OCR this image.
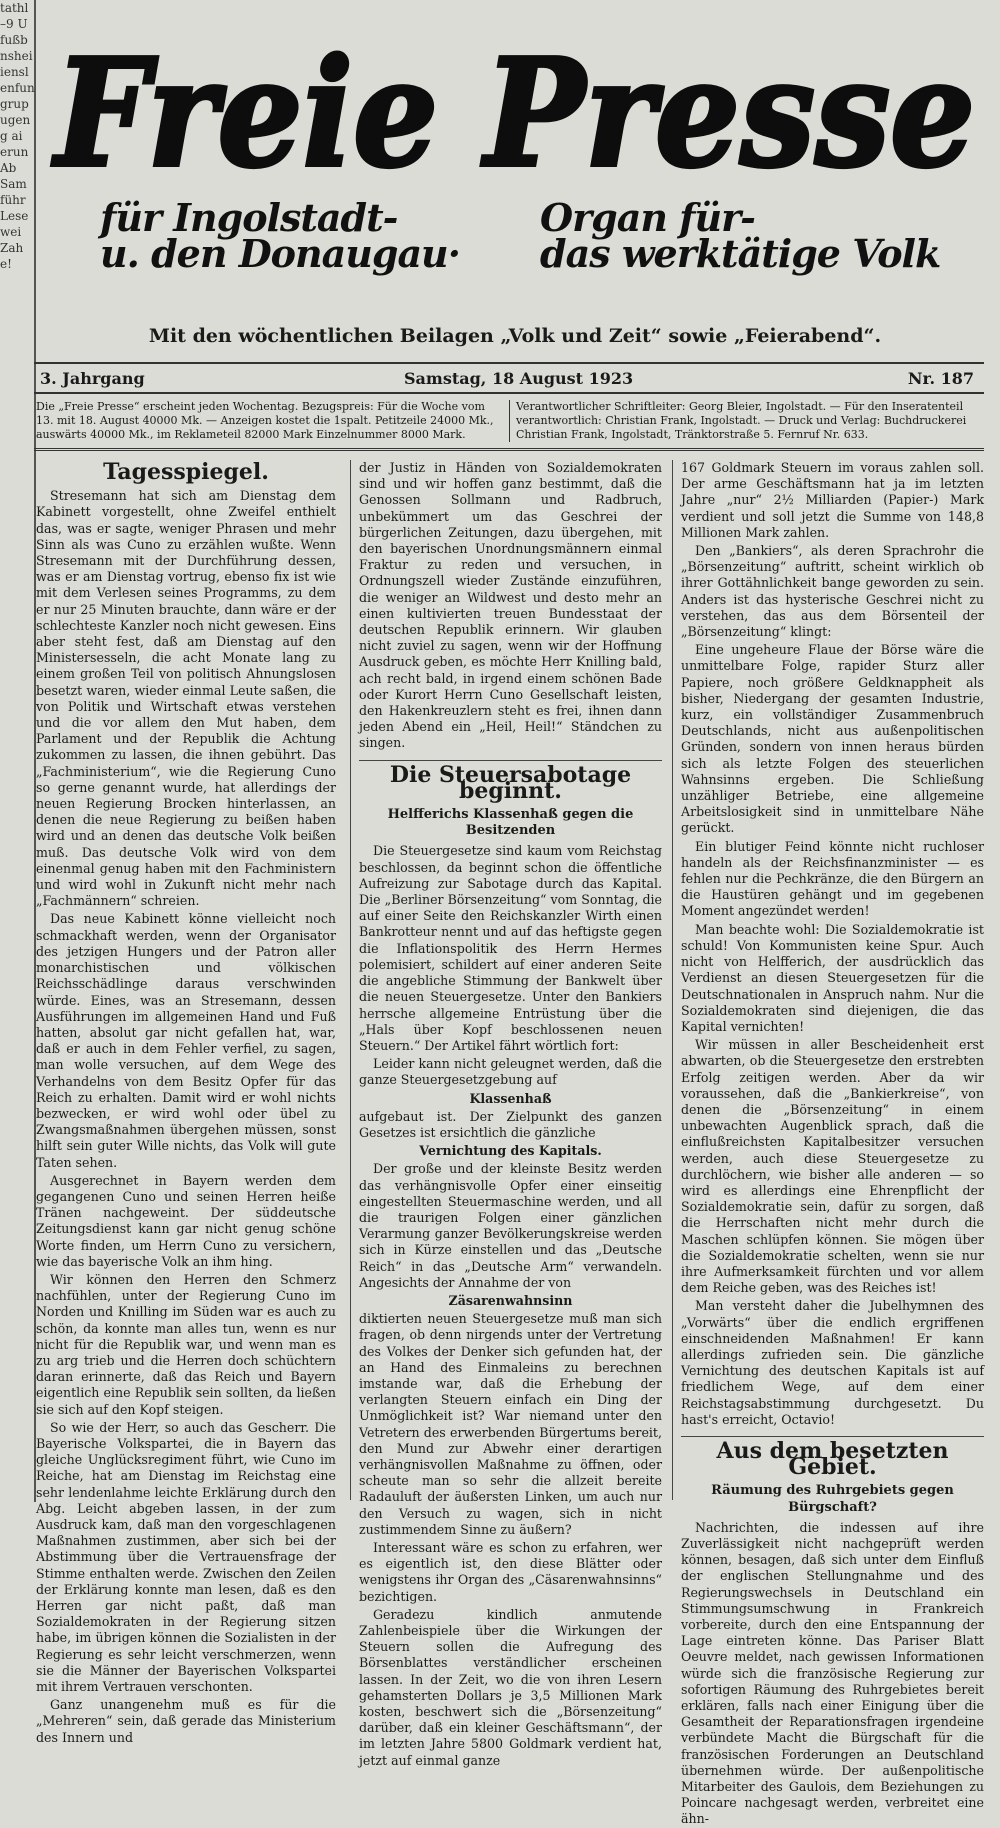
tathl
–9 U
fußb
nshei
iensl
enfun
grup
ugen
g ai
erun
Ab
Sam
führ
Lese
wei
Zah
e!
Freie Presse
für Ingolstadt-
u. den Donaugau·
Organ für-
das werktätige Volk
Mit den wöchentlichen Beilagen „Volk und Zeit“ sowie „Feierabend“.
3. Jahrgang	Samstag, 18 August 1923	Nr. 187
Die „Freie Presse“ erscheint jeden Wochentag. Bezugspreis: Für die Woche vom 13. mit 18. August 40000 Mk. — Anzeigen kostet die 1spalt. Petitzeile 24000 Mk., auswärts 40000 Mk., im Reklameteil 82000 Mark Einzelnummer 8000 Mark.
Verantwortlicher Schriftleiter: Georg Bleier, Ingolstadt. — Für den Inseratenteil verantwortlich: Christian Frank, Ingolstadt. — Druck und Verlag: Buchdruckerei Christian Frank, Ingolstadt, Tränktorstraße 5. Fernruf Nr. 633.
Tagesspiegel.

Stresemann hat sich am Dienstag dem Kabinett vorgestellt, ohne Zweifel enthielt das, was er sagte, weniger Phrasen und mehr Sinn als was Cuno zu erzählen wußte. Wenn Stresemann mit der Durchführung dessen, was er am Dienstag vortrug, ebenso fix ist wie mit dem Verlesen seines Programms, zu dem er nur 25 Minuten brauchte, dann wäre er der schlechteste Kanzler noch nicht gewesen. Eins aber steht fest, daß am Dienstag auf den Ministersesseln, die acht Monate lang zu einem großen Teil von politisch Ahnungslosen besetzt waren, wieder einmal Leute saßen, die von Politik und Wirtschaft etwas verstehen und die vor allem den Mut haben, dem Parlament und der Republik die Achtung zukommen zu lassen, die ihnen gebührt. Das „Fachministerium“, wie die Regierung Cuno so gerne genannt wurde, hat allerdings der neuen Regierung Brocken hinterlassen, an denen die neue Regierung zu beißen haben wird und an denen das deutsche Volk beißen muß. Das deutsche Volk wird von dem einenmal genug haben mit den Fachministern und wird wohl in Zukunft nicht mehr nach „Fachmännern“ schreien.

Das neue Kabinett könne vielleicht noch schmackhaft werden, wenn der Organisator des jetzigen Hungers und der Patron aller monarchistischen und völkischen Reichsschädlinge daraus verschwinden würde. Eines, was an Stresemann, dessen Ausführungen im allgemeinen Hand und Fuß hatten, absolut gar nicht gefallen hat, war, daß er auch in dem Fehler verfiel, zu sagen, man wolle versuchen, auf dem Wege des Verhandelns von dem Besitz Opfer für das Reich zu erhalten. Damit wird er wohl nichts bezwecken, er wird wohl oder übel zu Zwangsmaßnahmen übergehen müssen, sonst hilft sein guter Wille nichts, das Volk will gute Taten sehen.

Ausgerechnet in Bayern werden dem gegangenen Cuno und seinen Herren heiße Tränen nachgeweint. Der süddeutsche Zeitungsdienst kann gar nicht genug schöne Worte finden, um Herrn Cuno zu versichern, wie das bayerische Volk an ihm hing.

Wir können den Herren den Schmerz nachfühlen, unter der Regierung Cuno im Norden und Knilling im Süden war es auch zu schön, da konnte man alles tun, wenn es nur nicht für die Republik war, und wenn man es zu arg trieb und die Herren doch schüchtern daran erinnerte, daß das Reich und Bayern eigentlich eine Republik sein sollten, da ließen sie sich auf den Kopf steigen.

So wie der Herr, so auch das Gescherr. Die Bayerische Volkspartei, die in Bayern das gleiche Unglücksregiment führt, wie Cuno im Reiche, hat am Dienstag im Reichstag eine sehr lendenlahme leichte Erklärung durch den Abg. Leicht abgeben lassen, in der zum Ausdruck kam, daß man den vorgeschlagenen Maßnahmen zustimmen, aber sich bei der Abstimmung über die Vertrauensfrage der Stimme enthalten werde. Zwischen den Zeilen der Erklärung konnte man lesen, daß es den Herren gar nicht paßt, daß man Sozialdemokraten in der Regierung sitzen habe, im übrigen können die Sozialisten in der Regierung es sehr leicht verschmerzen, wenn sie die Männer der Bayerischen Volkspartei mit ihrem Vertrauen verschonten.

Ganz unangenehm muß es für die „Mehreren“ sein, daß gerade das Ministerium des Innern und

der Justiz in Händen von Sozialdemokraten sind und wir hoffen ganz bestimmt, daß die Genossen Sollmann und Radbruch, unbekümmert um das Geschrei der bürgerlichen Zeitungen, dazu übergehen, mit den bayerischen Unordnungsmännern einmal Fraktur zu reden und versuchen, in Ordnungszell wieder Zustände einzuführen, die weniger an Wildwest und desto mehr an einen kultivierten treuen Bundesstaat der deutschen Republik erinnern. Wir glauben nicht zuviel zu sagen, wenn wir der Hoffnung Ausdruck geben, es möchte Herr Knilling bald, ach recht bald, in irgend einem schönen Bade oder Kurort Herrn Cuno Gesellschaft leisten, den Hakenkreuzlern steht es frei, ihnen dann jeden Abend ein „Heil, Heil!“ Ständchen zu singen.

Die Steuersabotage beginnt.
Helfferichs Klassenhaß gegen die Besitzenden

Die Steuergesetze sind kaum vom Reichstag beschlossen, da beginnt schon die öffentliche Aufreizung zur Sabotage durch das Kapital. Die „Berliner Börsenzeitung“ vom Sonntag, die auf einer Seite den Reichskanzler Wirth einen Bankrotteur nennt und auf das heftigste gegen die Inflationspolitik des Herrn Hermes polemisiert, schildert auf einer anderen Seite die angebliche Stimmung der Bankwelt über die neuen Steuergesetze. Unter den Bankiers herrsche allgemeine Entrüstung über die „Hals über Kopf beschlossenen neuen Steuern.“ Der Artikel fährt wörtlich fort:

Leider kann nicht geleugnet werden, daß die ganze Steuergesetzgebung auf

Klassenhaß

aufgebaut ist. Der Zielpunkt des ganzen Gesetzes ist ersichtlich die gänzliche

Vernichtung des Kapitals.

Der große und der kleinste Besitz werden das verhängnisvolle Opfer einer einseitig eingestellten Steuermaschine werden, und all die traurigen Folgen einer gänzlichen Verarmung ganzer Bevölkerungskreise werden sich in Kürze einstellen und das „Deutsche Reich“ in das „Deutsche Arm“ verwandeln. Angesichts der Annahme der von

Zäsarenwahnsinn

diktierten neuen Steuergesetze muß man sich fragen, ob denn nirgends unter der Vertretung des Volkes der Denker sich gefunden hat, der an Hand des Einmaleins zu berechnen imstande war, daß die Erhebung der verlangten Steuern einfach ein Ding der Unmöglichkeit ist? War niemand unter den Vetretern des erwerbenden Bürgertums bereit, den Mund zur Abwehr einer derartigen verhängnisvollen Maßnahme zu öffnen, oder scheute man so sehr die allzeit bereite Radauluft der äußersten Linken, um auch nur den Versuch zu wagen, sich in nicht zustimmendem Sinne zu äußern?

Interessant wäre es schon zu erfahren, wer es eigentlich ist, den diese Blätter oder wenigstens ihr Organ des „Cäsarenwahnsinns“ bezichtigen.

Geradezu kindlich anmutende Zahlenbeispiele über die Wirkungen der Steuern sollen die Aufregung des Börsenblattes verständlicher erscheinen lassen. In der Zeit, wo die von ihren Lesern gehamsterten Dollars je 3,5 Millionen Mark kosten, beschwert sich die „Börsenzeitung“ darüber, daß ein kleiner Geschäftsmann“, der im letzten Jahre 5800 Goldmark verdient hat, jetzt auf einmal ganze

167 Goldmark Steuern im voraus zahlen soll. Der arme Geschäftsmann hat ja im letzten Jahre „nur“ 2½ Milliarden (Papier-) Mark verdient und soll jetzt die Summe von 148,8 Millionen Mark zahlen.

Den „Bankiers“, als deren Sprachrohr die „Börsenzeitung“ auftritt, scheint wirklich ob ihrer Gottähnlichkeit bange geworden zu sein. Anders ist das hysterische Geschrei nicht zu verstehen, das aus dem Börsenteil der „Börsenzeitung“ klingt:

Eine ungeheure Flaue der Börse wäre die unmittelbare Folge, rapider Sturz aller Papiere, noch größere Geldknappheit als bisher, Niedergang der gesamten Industrie, kurz, ein vollständiger Zusammenbruch Deutschlands, nicht aus außenpolitischen Gründen, sondern von innen heraus bürden sich als letzte Folgen des steuerlichen Wahnsinns ergeben. Die Schließung unzähliger Betriebe, eine allgemeine Arbeitslosigkeit sind in unmittelbare Nähe gerückt.

Ein blutiger Feind könnte nicht ruchloser handeln als der Reichsfinanzminister — es fehlen nur die Pechkränze, die den Bürgern an die Haustüren gehängt und im gegebenen Moment angezündet werden!

Man beachte wohl: Die Sozialdemokratie ist schuld! Von Kommunisten keine Spur. Auch nicht von Helfferich, der ausdrücklich das Verdienst an diesen Steuergesetzen für die Deutschnationalen in Anspruch nahm. Nur die Sozialdemokraten sind diejenigen, die das Kapital vernichten!

Wir müssen in aller Bescheidenheit erst abwarten, ob die Steuergesetze den erstrebten Erfolg zeitigen werden. Aber da wir voraussehen, daß die „Bankierkreise“, von denen die „Börsenzeitung“ in einem unbewachten Augenblick sprach, daß die einflußreichsten Kapitalbesitzer versuchen werden, auch diese Steuergesetze zu durchlöchern, wie bisher alle anderen — so wird es allerdings eine Ehrenpflicht der Sozialdemokratie sein, dafür zu sorgen, daß die Herrschaften nicht mehr durch die Maschen schlüpfen können. Sie mögen über die Sozialdemokratie schelten, wenn sie nur ihre Aufmerksamkeit fürchten und vor allem dem Reiche geben, was des Reiches ist!

Man versteht daher die Jubelhymnen des „Vorwärts“ über die endlich ergriffenen einschneidenden Maßnahmen! Er kann allerdings zufrieden sein. Die gänzliche Vernichtung des deutschen Kapitals ist auf friedlichem Wege, auf dem einer Reichstagsabstimmung durchgesetzt. Du hast's erreicht, Octavio!

Aus dem besetzten Gebiet.
Räumung des Ruhrgebiets gegen Bürgschaft?

Nachrichten, die indessen auf ihre Zuverlässigkeit nicht nachgeprüft werden können, besagen, daß sich unter dem Einfluß der englischen Stellungnahme und des Regierungswechsels in Deutschland ein Stimmungsumschwung in Frankreich vorbereite, durch den eine Entspannung der Lage eintreten könne. Das Pariser Blatt Oeuvre meldet, nach gewissen Informationen würde sich die französische Regierung zur sofortigen Räumung des Ruhrgebietes bereit erklären, falls nach einer Einigung über die Gesamtheit der Reparationsfragen irgendeine verbündete Macht die Bürgschaft für die französischen Forderungen an Deutschland übernehmen würde. Der außenpolitische Mitarbeiter des Gaulois, dem Beziehungen zu Poincare nachgesagt werden, verbreitet eine ähn-
